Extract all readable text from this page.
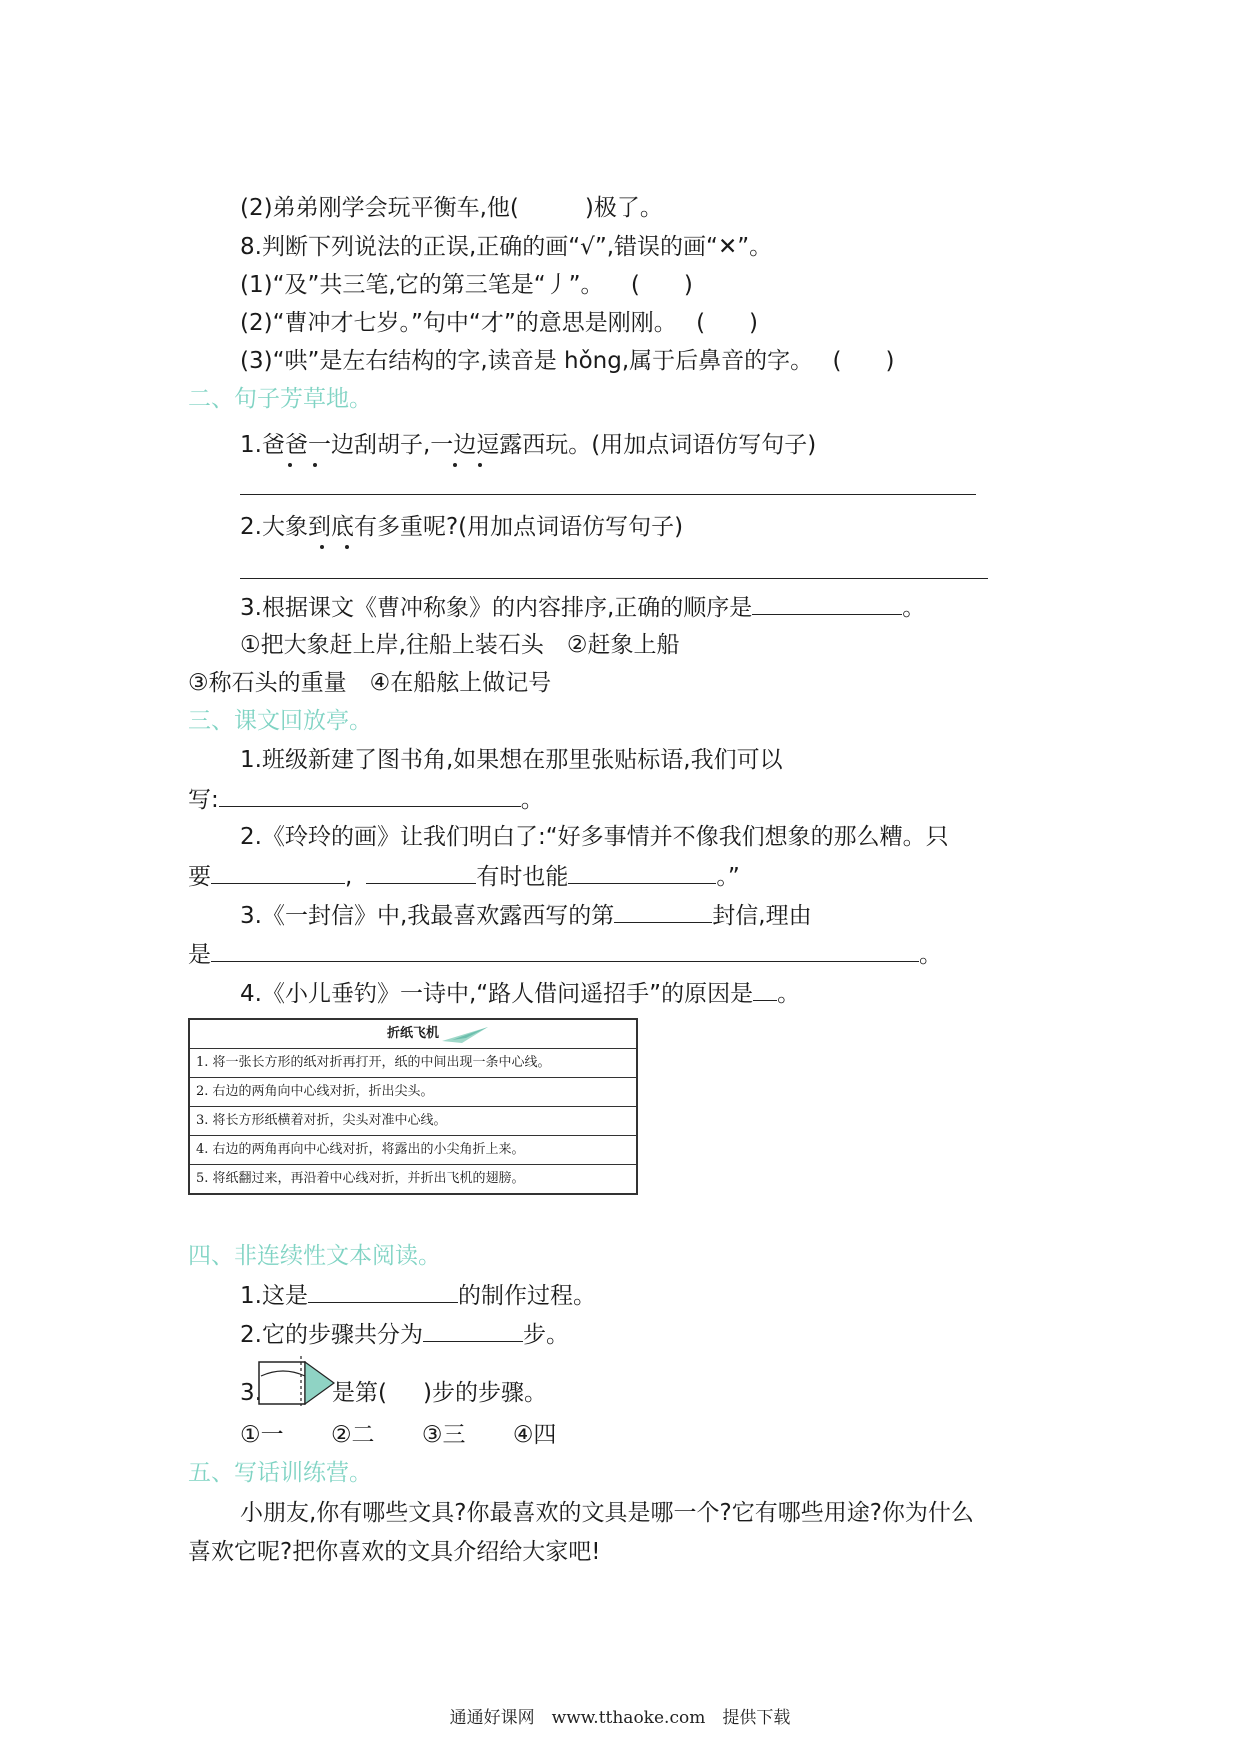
(2)弟弟刚学会玩平衡车,他(	)极了。
8.判断下列说法的正误,正确的画“√”,错误的画“✕”。
(1)“及”共三笔,它的第三笔是“丿”。 ( )
(2)“曹冲才七岁。”句中“才”的意思是刚刚。 ( )
(3)“哄”是左右结构的字,读音是 hǒng,属于后鼻音的字。 ( )
二、句子芳草地。
1.爸爸一边刮胡子,一边逗露西玩。(用加点词语仿写句子)
2.大象到底有多重呢?(用加点词语仿写句子)
3.根据课文《曹冲称象》的内容排序,正确的顺序是	。
①把大象赶上岸,往船上装石头　②赶象上船
③称石头的重量　④在船舷上做记号
三、课文回放亭。
1.班级新建了图书角,如果想在那里张贴标语,我们可以
写:	。
2.《玲玲的画》让我们明白了:“好多事情并不像我们想象的那么糟。只
要	,	有时也能	。”
3.《一封信》中,我最喜欢露西写的第	封信,理由
是	。
4.《小儿垂钓》一诗中,“路人借问遥招手”的原因是 。
折纸飞机
1. 将一张长方形的纸对折再打开，纸的中间出现一条中心线。
2. 右边的两角向中心线对折，折出尖头。
3. 将长方形纸横着对折，尖头对准中心线。
4. 右边的两角再向中心线对折，将露出的小尖角折上来。
5. 将纸翻过来，再沿着中心线对折，并折出飞机的翅膀。
四、非连续性文本阅读。
1.这是	的制作过程。
2.它的步骤共分为	步。
3.	是第( )步的步骤。
①一 ②二 ③三 ④四
五、写话训练营。
小朋友,你有哪些文具?你最喜欢的文具是哪一个?它有哪些用途?你为什么
喜欢它呢?把你喜欢的文具介绍给大家吧!
通通好课网　www.tthaoke.com　提供下载
